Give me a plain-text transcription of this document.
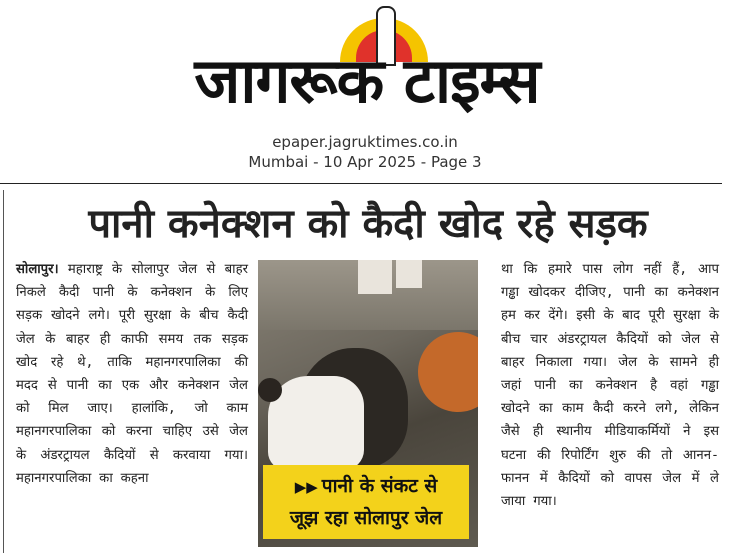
जागरूक टाइम्स
epaper.jagruktimes.co.in
Mumbai - 10 Apr 2025 - Page 3
पानी कनेक्शन को कैदी खोद रहे सड़क
सोलापुर। महाराष्ट्र के सोलापुर जेल से बाहर निकले कैदी पानी के कनेक्शन के लिए सड़क खोदने लगे। पूरी सुरक्षा के बीच कैदी जेल के बाहर ही काफी समय तक सड़क खोद रहे थे, ताकि महानगरपालिका की मदद से पानी का एक और कनेक्शन जेल को मिल जाए। हालांकि, जो काम महानगरपालिका को करना चाहिए उसे जेल के अंडरट्रायल कैदियों से करवाया गया। महानगरपालिका का कहना	▶▶ पानी के संकट से
जूझ रहा सोलापुर जेल
था कि हमारे पास लोग नहीं हैं, आप गड्ढा खोदकर दीजिए, पानी का कनेक्शन हम कर देंगे। इसी के बाद पूरी सुरक्षा के बीच चार अंडरट्रायल कैदियों को जेल से बाहर निकाला गया। जेल के सामने ही जहां पानी का कनेक्शन है वहां गड्ढा खोदने का काम कैदी करने लगे, लेकिन जैसे ही स्थानीय मीडियाकर्मियों ने इस घटना की रिपोर्टिंग शुरु की तो आनन-फानन में कैदियों को वापस जेल में ले जाया गया।
